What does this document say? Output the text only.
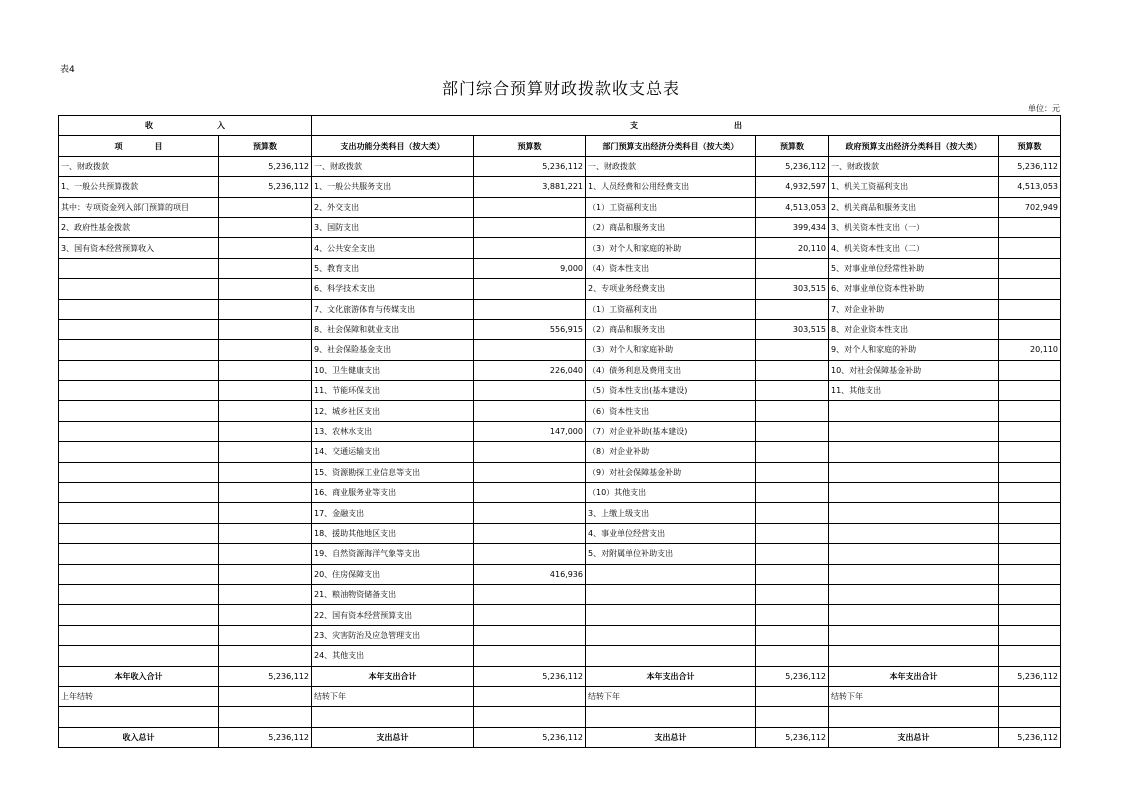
表4
部门综合预算财政拨款收支总表
单位：元
收　　　　　　　　入		支　　　　　　　　　　　　出					
项　　　　目	预算数	支出功能分类科目（按大类）	预算数	部门预算支出经济分类科目（按大类）	预算数	政府预算支出经济分类科目（按大类）	预算数
一、财政拨款	5,236,112	一、财政拨款	5,236,112	一、财政拨款	5,236,112	一、财政拨款	5,236,112
1、一般公共预算拨款	5,236,112	1、一般公共服务支出	3,881,221	1、人员经费和公用经费支出	4,932,597	1、机关工资福利支出	4,513,053
其中：专项资金列入部门预算的项目		2、外交支出		（1）工资福利支出	4,513,053	2、机关商品和服务支出	702,949
2、政府性基金拨款		3、国防支出		（2）商品和服务支出	399,434	3、机关资本性支出（一）	
3、国有资本经营预算收入		4、公共安全支出		（3）对个人和家庭的补助	20,110	4、机关资本性支出（二）	
		5、教育支出	9,000	（4）资本性支出		5、对事业单位经常性补助	
		6、科学技术支出		2、专项业务经费支出	303,515	6、对事业单位资本性补助	
		7、文化旅游体育与传媒支出		（1）工资福利支出		7、对企业补助	
		8、社会保障和就业支出	556,915	（2）商品和服务支出	303,515	8、对企业资本性支出	
		9、社会保险基金支出		（3）对个人和家庭补助		9、对个人和家庭的补助	20,110
		10、卫生健康支出	226,040	（4）债务利息及费用支出		10、对社会保障基金补助	
		11、节能环保支出		（5）资本性支出(基本建设)		11、其他支出	
		12、城乡社区支出		（6）资本性支出			
		13、农林水支出	147,000	（7）对企业补助(基本建设)			
		14、交通运输支出		（8）对企业补助			
		15、资源勘探工业信息等支出		（9）对社会保障基金补助			
		16、商业服务业等支出		（10）其他支出			
		17、金融支出		3、上缴上级支出			
		18、援助其他地区支出		4、事业单位经营支出			
		19、自然资源海洋气象等支出		5、对附属单位补助支出			
		20、住房保障支出	416,936				
		21、粮油物资储备支出					
		22、国有资本经营预算支出					
		23、灾害防治及应急管理支出					
		24、其他支出					
本年收入合计	5,236,112	本年支出合计	5,236,112	本年支出合计	5,236,112	本年支出合计	5,236,112
上年结转		结转下年		结转下年		结转下年	

收入总计	5,236,112	支出总计	5,236,112	支出总计	5,236,112	支出总计	5,236,112
